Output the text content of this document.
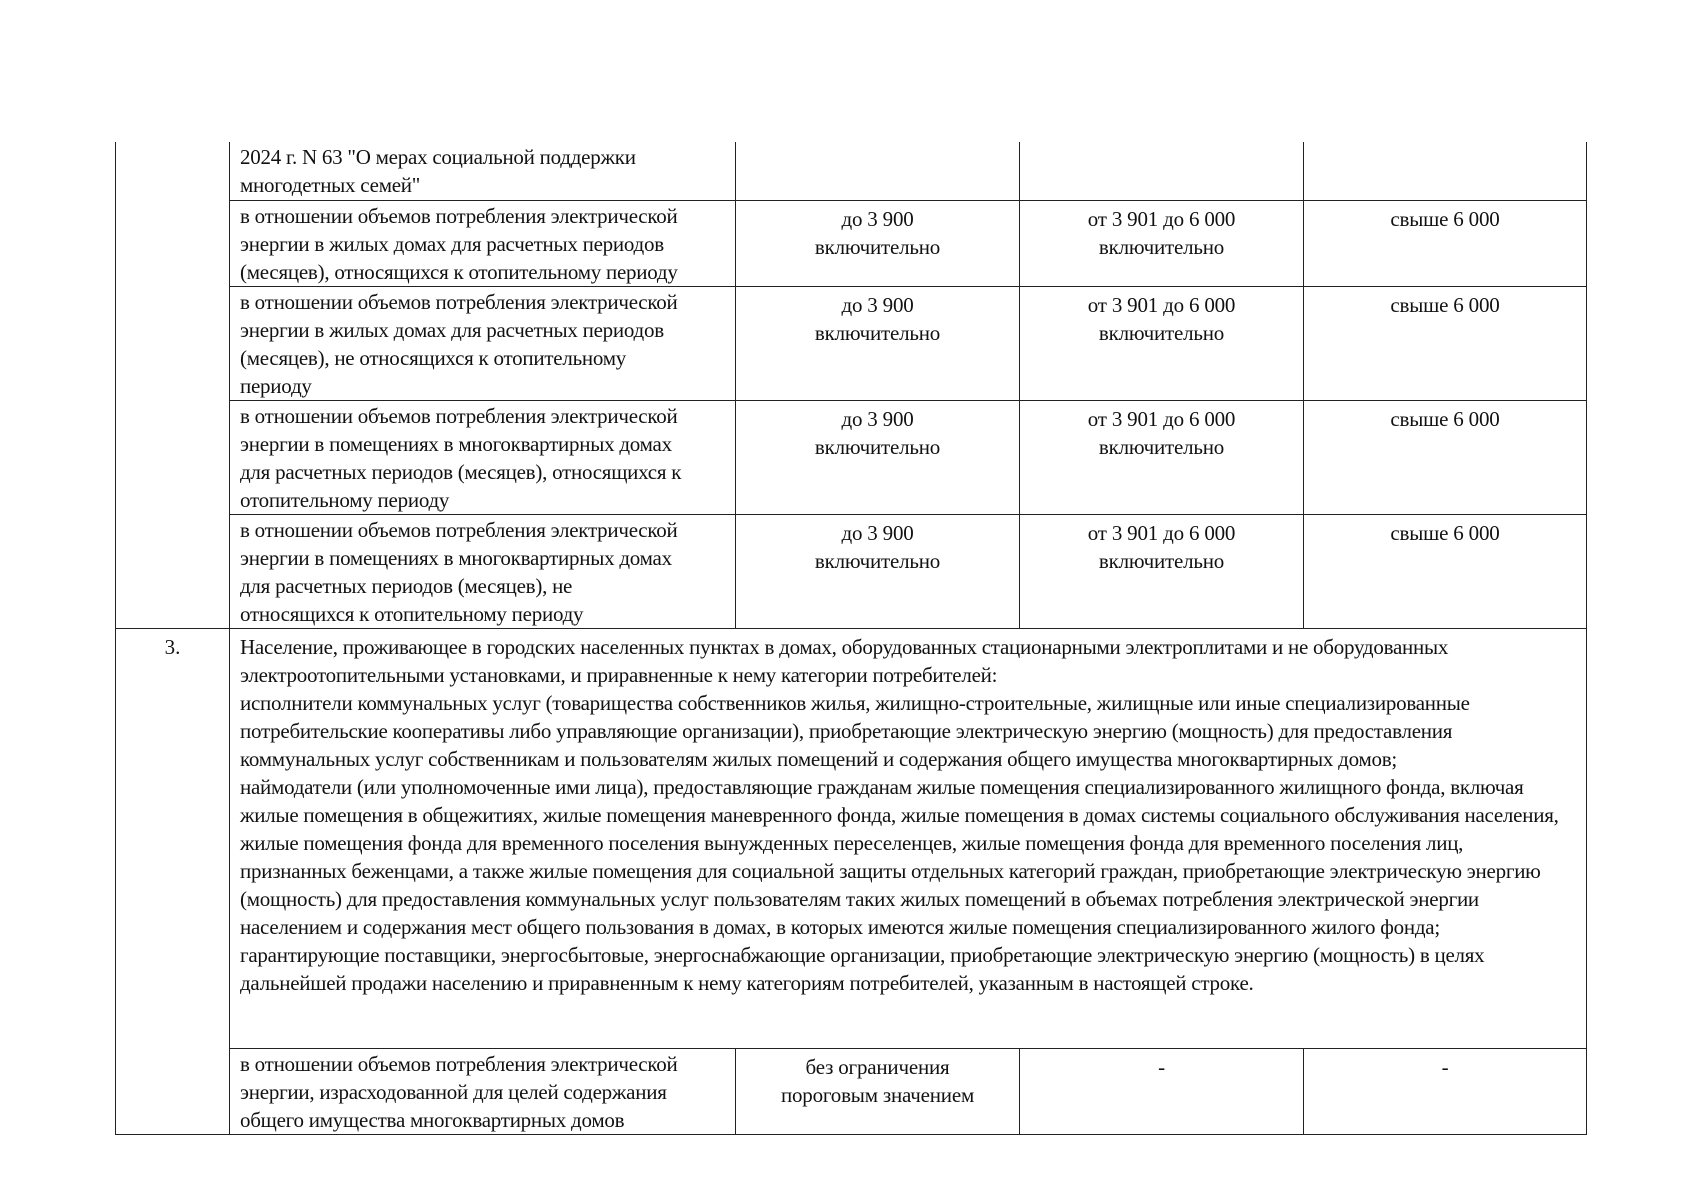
	2024 г. N 63 "О мерах социальной поддержки
многодетных семей"			

	в отношении объемов потребления электрической
энергии в жилых домах для расчетных периодов
(месяцев), относящихся к отопительному периоду	до 3 900
включительно	от 3 901 до 6 000
включительно	свыше 6 000

	в отношении объемов потребления электрической
энергии в жилых домах для расчетных периодов
(месяцев), не относящихся к отопительному
периоду	до 3 900
включительно	от 3 901 до 6 000
включительно	свыше 6 000

	в отношении объемов потребления электрической
энергии в помещениях в многоквартирных домах
для расчетных периодов (месяцев), относящихся к
отопительному периоду	до 3 900
включительно	от 3 901 до 6 000
включительно	свыше 6 000

	в отношении объемов потребления электрической
энергии в помещениях в многоквартирных домах
для расчетных периодов (месяцев), не
относящихся к отопительному периоду	до 3 900
включительно	от 3 901 до 6 000
включительно	свыше 6 000

3.	Население, проживающее в городских населенных пунктах в домах, оборудованных стационарными электроплитами и не оборудованных электроотопительными установками, и приравненные к нему категории потребителей:
исполнители коммунальных услуг (товарищества собственников жилья, жилищно-строительные, жилищные или иные специализированные потребительские кооперативы либо управляющие организации), приобретающие электрическую энергию (мощность) для предоставления коммунальных услуг собственникам и пользователям жилых помещений и содержания общего имущества многоквартирных домов;
наймодатели (или уполномоченные ими лица), предоставляющие гражданам жилые помещения специализированного жилищного фонда, включая жилые помещения в общежитиях, жилые помещения маневренного фонда, жилые помещения в домах системы социального обслуживания населения, жилые помещения фонда для временного поселения вынужденных переселенцев, жилые помещения фонда для временного поселения лиц, признанных беженцами, а также жилые помещения для социальной защиты отдельных категорий граждан, приобретающие электрическую энергию (мощность) для предоставления коммунальных услуг пользователям таких жилых помещений в объемах потребления электрической энергии населением и содержания мест общего пользования в домах, в которых имеются жилые помещения специализированного жилого фонда;
гарантирующие поставщики, энергосбытовые, энергоснабжающие организации, приобретающие электрическую энергию (мощность) в целях дальнейшей продажи населению и приравненным к нему категориям потребителей, указанным в настоящей строке.			

	в отношении объемов потребления электрической
энергии, израсходованной для целей содержания
общего имущества многоквартирных домов	без ограничения
пороговым значением	-	-
